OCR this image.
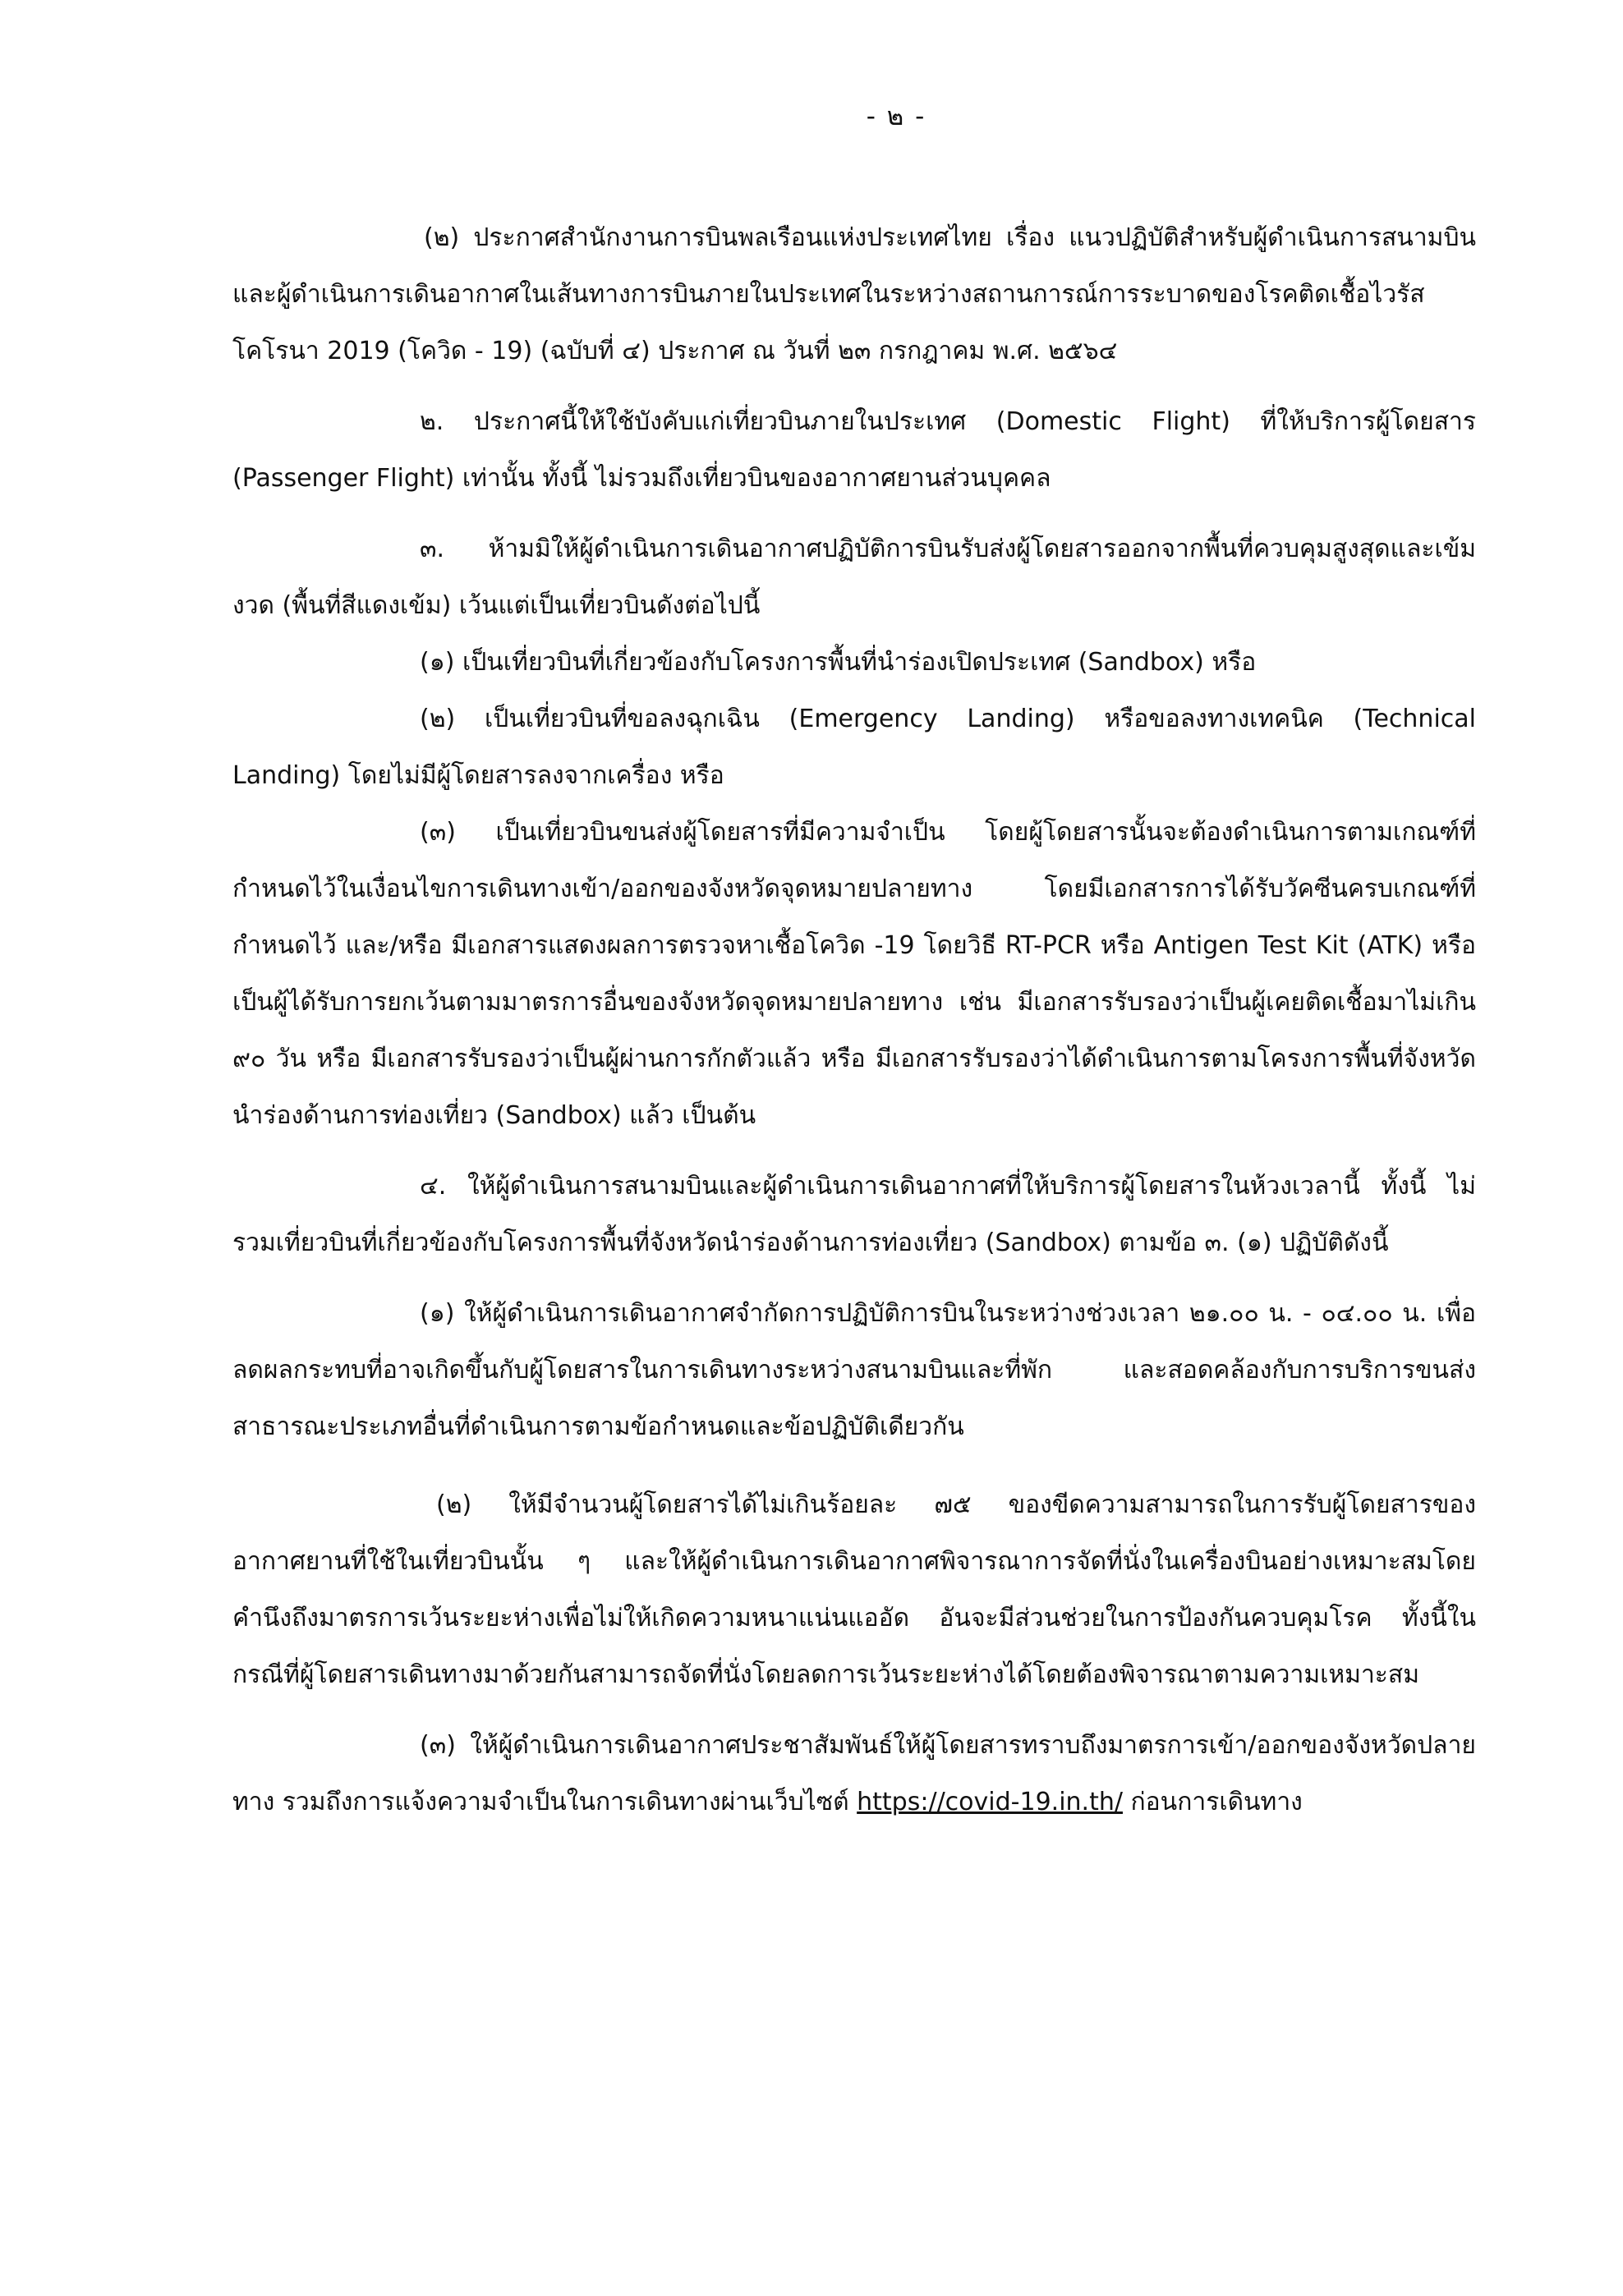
- ๒ -

(๒) ประกาศสำนักงานการบินพลเรือนแห่งประเทศไทย เรื่อง แนวปฏิบัติสำหรับผู้ดำเนินการสนามบินและผู้ดำเนินการเดินอากาศในเส้นทางการบินภายในประเทศในระหว่างสถานการณ์การระบาดของโรคติดเชื้อไวรัสโคโรนา 2019 (โควิด - 19) (ฉบับที่ ๔) ประกาศ ณ วันที่ ๒๓ กรกฎาคม พ.ศ. ๒๕๖๔

๒. ประกาศนี้ให้ใช้บังคับแก่เที่ยวบินภายในประเทศ (Domestic Flight) ที่ให้บริการผู้โดยสาร (Passenger Flight) เท่านั้น ทั้งนี้ ไม่รวมถึงเที่ยวบินของอากาศยานส่วนบุคคล

๓. ห้ามมิให้ผู้ดำเนินการเดินอากาศปฏิบัติการบินรับส่งผู้โดยสารออกจากพื้นที่ควบคุมสูงสุดและเข้มงวด (พื้นที่สีแดงเข้ม) เว้นแต่เป็นเที่ยวบินดังต่อไปนี้

(๑) เป็นเที่ยวบินที่เกี่ยวข้องกับโครงการพื้นที่นำร่องเปิดประเทศ (Sandbox) หรือ

(๒) เป็นเที่ยวบินที่ขอลงฉุกเฉิน (Emergency Landing) หรือขอลงทางเทคนิค (Technical Landing) โดยไม่มีผู้โดยสารลงจากเครื่อง หรือ

(๓) เป็นเที่ยวบินขนส่งผู้โดยสารที่มีความจำเป็น โดยผู้โดยสารนั้นจะต้องดำเนินการตามเกณฑ์ที่กำหนดไว้ในเงื่อนไขการเดินทางเข้า/ออกของจังหวัดจุดหมายปลายทาง โดยมีเอกสารการได้รับวัคซีนครบเกณฑ์ที่กำหนดไว้ และ/หรือ มีเอกสารแสดงผลการตรวจหาเชื้อโควิด -19 โดยวิธี RT-PCR หรือ Antigen Test Kit (ATK) หรือ เป็นผู้ได้รับการยกเว้นตามมาตรการอื่นของจังหวัดจุดหมายปลายทาง เช่น มีเอกสารรับรองว่าเป็นผู้เคยติดเชื้อมาไม่เกิน ๙๐ วัน หรือ มีเอกสารรับรองว่าเป็นผู้ผ่านการกักตัวแล้ว หรือ มีเอกสารรับรองว่าได้ดำเนินการตามโครงการพื้นที่จังหวัดนำร่องด้านการท่องเที่ยว (Sandbox) แล้ว เป็นต้น

๔. ให้ผู้ดำเนินการสนามบินและผู้ดำเนินการเดินอากาศที่ให้บริการผู้โดยสารในห้วงเวลานี้ ทั้งนี้ ไม่รวมเที่ยวบินที่เกี่ยวข้องกับโครงการพื้นที่จังหวัดนำร่องด้านการท่องเที่ยว (Sandbox) ตามข้อ ๓. (๑) ปฏิบัติดังนี้

(๑) ให้ผู้ดำเนินการเดินอากาศจำกัดการปฏิบัติการบินในระหว่างช่วงเวลา ๒๑.๐๐ น. - ๐๔.๐๐ น. เพื่อลดผลกระทบที่อาจเกิดขึ้นกับผู้โดยสารในการเดินทางระหว่างสนามบินและที่พัก และสอดคล้องกับการบริการขนส่งสาธารณะประเภทอื่นที่ดำเนินการตามข้อกำหนดและข้อปฏิบัติเดียวกัน

(๒) ให้มีจำนวนผู้โดยสารได้ไม่เกินร้อยละ ๗๕ ของขีดความสามารถในการรับผู้โดยสารของอากาศยานที่ใช้ในเที่ยวบินนั้น ๆ และให้ผู้ดำเนินการเดินอากาศพิจารณาการจัดที่นั่งในเครื่องบินอย่างเหมาะสมโดยคำนึงถึงมาตรการเว้นระยะห่างเพื่อไม่ให้เกิดความหนาแน่นแออัด อันจะมีส่วนช่วยในการป้องกันควบคุมโรค ทั้งนี้ในกรณีที่ผู้โดยสารเดินทางมาด้วยกันสามารถจัดที่นั่งโดยลดการเว้นระยะห่างได้โดยต้องพิจารณาตามความเหมาะสม

(๓) ให้ผู้ดำเนินการเดินอากาศประชาสัมพันธ์ให้ผู้โดยสารทราบถึงมาตรการเข้า/ออกของจังหวัดปลายทาง รวมถึงการแจ้งความจำเป็นในการเดินทางผ่านเว็บไซต์ https://covid-19.in.th/ ก่อนการเดินทาง
